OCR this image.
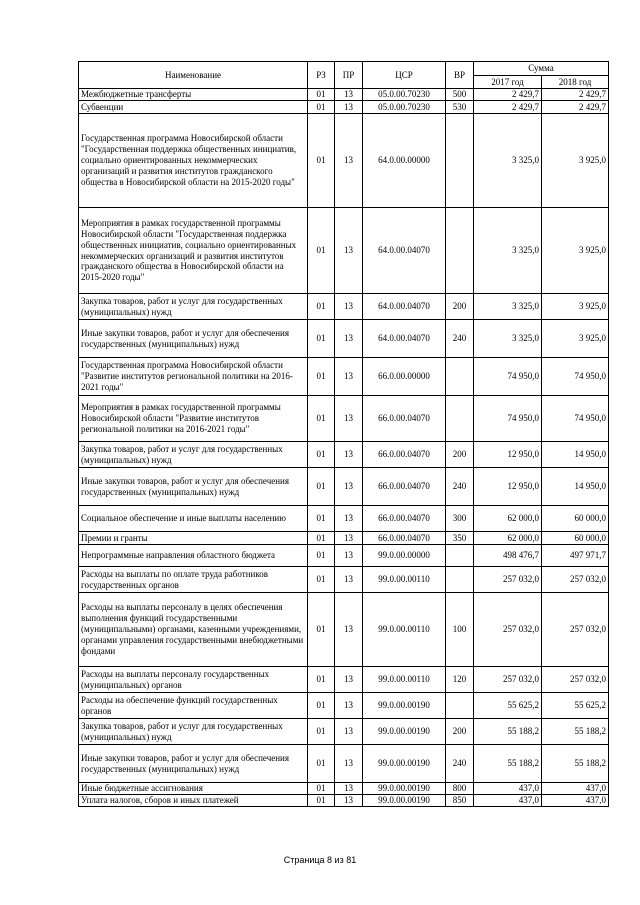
Наименование	РЗ	ПР	ЦСР	ВР	Сумма	
					2017 год	2018 год
Межбюджетные трансферты	01	13	05.0.00.70230	500	2 429,7	2 429,7
Субвенции	01	13	05.0.00.70230	530	2 429,7	2 429,7
Государственная программа Новосибирской области "Государственная поддержка общественных инициатив, социально ориентированных некоммерческих организаций и развития институтов гражданского общества в Новосибирской области на 2015-2020 годы"	01	13	64.0.00.00000		3 325,0	3 925,0
Мероприятия в рамках государственной программы Новосибирской области "Государственная поддержка общественных инициатив, социально ориентированных некоммерческих организаций и развития институтов гражданского общества в Новосибирской области на 2015-2020 годы"	01	13	64.0.00.04070		3 325,0	3 925,0
Закупка товаров, работ и услуг для государственных (муниципальных) нужд	01	13	64.0.00.04070	200	3 325,0	3 925,0
Иные закупки товаров, работ и услуг для обеспечения государственных (муниципальных) нужд	01	13	64.0.00.04070	240	3 325,0	3 925,0
Государственная программа Новосибирской области "Развитие институтов региональной политики на 2016-2021 годы"	01	13	66.0.00.00000		74 950,0	74 950,0
Мероприятия в рамках государственной программы Новосибирской области "Развитие институтов региональной политики на 2016-2021 годы"	01	13	66.0.00.04070		74 950,0	74 950,0
Закупка товаров, работ и услуг для государственных (муниципальных) нужд	01	13	66.0.00.04070	200	12 950,0	14 950,0
Иные закупки товаров, работ и услуг для обеспечения государственных (муниципальных) нужд	01	13	66.0.00.04070	240	12 950,0	14 950,0
Социальное обеспечение и иные выплаты населению	01	13	66.0.00.04070	300	62 000,0	60 000,0
Премии и гранты	01	13	66.0.00.04070	350	62 000,0	60 000,0
Непрограммные направления областного бюджета	01	13	99.0.00.00000		498 476,7	497 971,7
Расходы на выплаты по оплате труда работников государственных органов	01	13	99.0.00.00110		257 032,0	257 032,0
Расходы на выплаты персоналу в целях обеспечения выполнения функций государственными (муниципальными) органами, казенными учреждениями, органами управления государственными внебюджетными фондами	01	13	99.0.00.00110	100	257 032,0	257 032,0
Расходы на выплаты персоналу государственных (муниципальных) органов	01	13	99.0.00.00110	120	257 032,0	257 032,0
Расходы на обеспечение функций государственных органов	01	13	99.0.00.00190		55 625,2	55 625,2
Закупка товаров, работ и услуг для государственных (муниципальных) нужд	01	13	99.0.00.00190	200	55 188,2	55 188,2
Иные закупки товаров, работ и услуг для обеспечения государственных (муниципальных) нужд	01	13	99.0.00.00190	240	55 188,2	55 188,2
Иные бюджетные ассигнования	01	13	99.0.00.00190	800	437,0	437,0
Уплата налогов, сборов и иных платежей	01	13	99.0.00.00190	850	437,0	437,0
Страница 8 из 81
